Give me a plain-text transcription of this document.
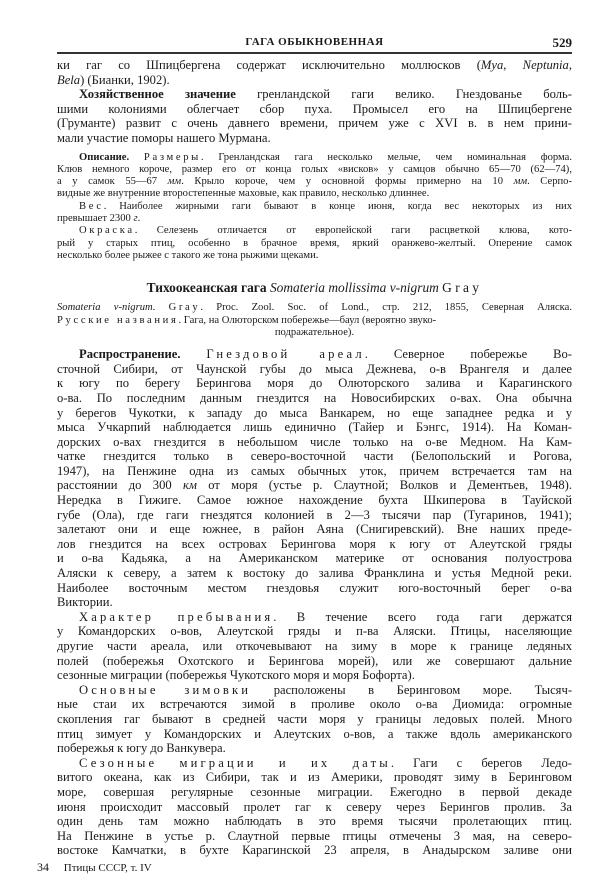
ГАГА ОБЫКНОВЕННАЯ	529
ки гаг со Шпицбергена содержат исключительно моллюсков (Mya, Neptunia,
Bela) (Бианки, 1902).
Хозяйственное значение гренландской гаги велико. Гнездованье боль-
шими колониями облегчает сбор пуха. Промысел его на Шпицбергене
(Груманте) развит с очень давнего времени, причем уже с XVI в. в нем прини-
мали участие поморы нашего Мурмана.
Описание. Размеры. Гренландская гага несколько мельче, чем номинальная форма.
Клюв немного короче, размер его от конца голых «висков» у самцов обычно 65—70 (62—74),
а у самок 55—67 мм. Крыло короче, чем у основной формы примерно на 10 мм. Серпо-
видные же внутренние второстепенные маховые, как правило, несколько длиннее.
Вес. Наиболее жирными гаги бывают в конце июня, когда вес некоторых из них
превышает 2300 г.
Окраска. Селезень отличается от европейской гаги расцветкой клюва, кото-
рый у старых птиц, особенно в брачное время, яркий оранжево-желтый. Оперение самок
несколько более рыжее с такого же тона рыжими щеками.
Тихоокеанская гага Somateria mollissima v-nigrum Gray
Somateria v-nigrum. Gray. Proc. Zool. Soc. of Lond., стр. 212, 1855, Северная Аляска.
Русские названия. Гага, на Олюторском побережье—баул (вероятно звуко-
подражательное).
Распространение. Гнездовой ареал. Северное побережье Во-
сточной Сибири, от Чаунской губы до мыса Дежнева, о-в Врангеля и далее
к югу по берегу Берингова моря до Олюторского залива и Карагинского
о-ва. По последним данным гнездится на Новосибирских о-вах. Она обычна
у берегов Чукотки, к западу до мыса Ванкарем, но еще западнее редка и у
мыса Учкарпий наблюдается лишь единично (Тайер и Бэнгс, 1914). На Коман-
дорских о-вах гнездится в небольшом числе только на о-ве Медном. На Кам-
чатке гнездится только в северо-восточной части (Белопольский и Рогова,
1947), на Пенжине одна из самых обычных уток, причем встречается там на
расстоянии до 300 км от моря (устье р. Слаутной; Волков и Дементьев, 1948).
Нередка в Гижиге. Самое южное нахождение бухта Шкиперова в Тауйской
губе (Ола), где гаги гнездятся колонией в 2—3 тысячи пар (Тугаринов, 1941);
залетают они и еще южнее, в район Аяна (Снигиревский). Вне наших преде-
лов гнездится на всех островах Берингова моря к югу от Алеутской гряды
и о-ва Кадьяка, а на Американском материке от основания полуострова
Аляски к северу, а затем к востоку до залива Франклина и устья Медной реки.
Наиболее восточным местом гнездовья служит юго-восточный берег о-ва
Виктории.
Характер пребывания. В течение всего года гаги держатся
у Командорских о-вов, Алеутской гряды и п-ва Аляски. Птицы, населяющие
другие части ареала, или откочевывают на зиму в море к границе ледяных
полей (побережья Охотского и Берингова морей), или же совершают дальние
сезонные миграции (побережья Чукотского моря и моря Бофорта).
Основные зимовки расположены в Беринговом море. Тысяч-
ные стаи их встречаются зимой в проливе около о-ва Диомида: огромные
скопления гаг бывают в средней части моря у границы ледовых полей. Много
птиц зимует у Командорских и Алеутских о-вов, а также вдоль американского
побережья к югу до Ванкувера.
Сезонные миграции и их даты. Гаги с берегов Ледо-
витого океана, как из Сибири, так и из Америки, проводят зиму в Беринговом
море, совершая регулярные сезонные миграции. Ежегодно в первой декаде
июня происходит массовый пролет гаг к северу через Берингов пролив. За
один день там можно наблюдать в это время тысячи пролетающих птиц.
На Пенжине в устье р. Слаутной первые птицы отмечены 3 мая, на северо-
востоке Камчатки, в бухте Карагинской 23 апреля, в Анадырском заливе они
34 Птицы СССР, т. IV
